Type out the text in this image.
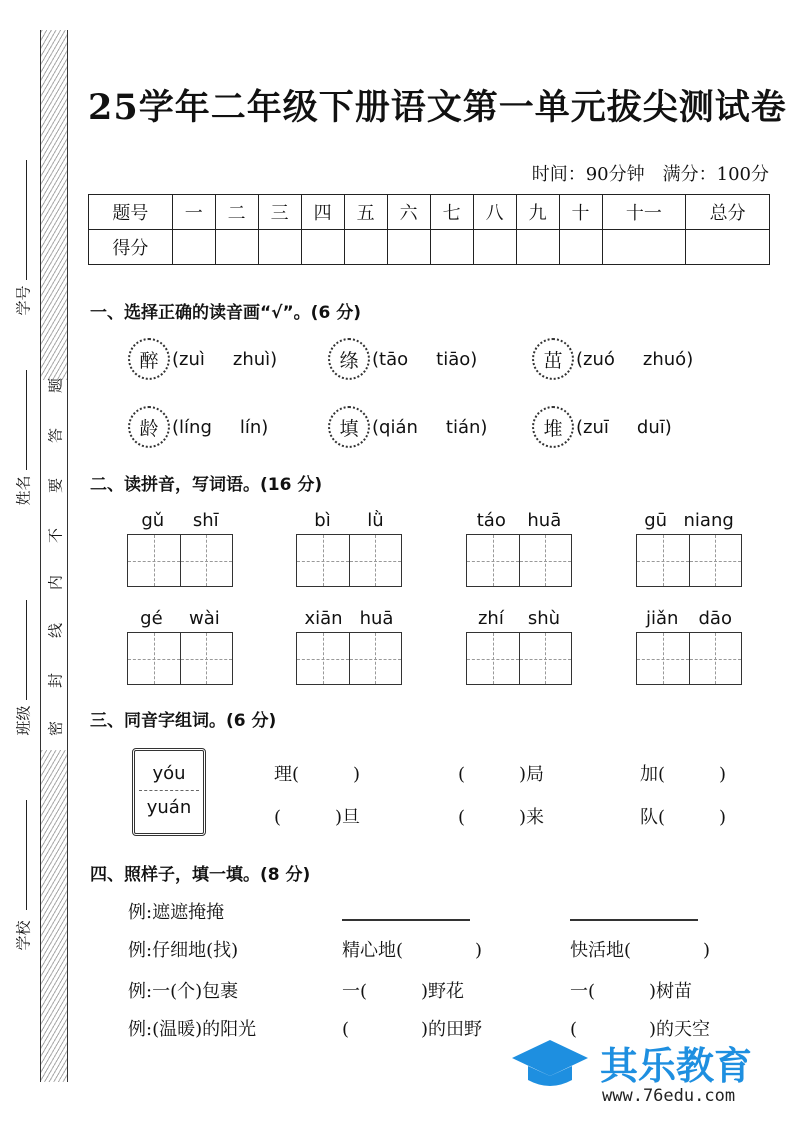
25学年二年级下册语文第一单元拔尖测试卷
时间：90分钟　满分：100分
题号	一	二	三	四	五	六	七	八	九	十	十一	总分
得分												
一、选择正确的读音画“√”。(6 分)
二、读拼音，写词语。(16 分)
三、同音字组词。(6 分)
yóu
yuán
四、照样子，填一填。(8 分)
其乐教育
www.76edu.com
题
答
要
不
内
线
封
密
学号
姓名
班级
学校
醉 ( zuì zhuì )	绦 ( tāo tiāo )	茁 ( zuó zhuó )
龄 ( líng lín )	填 ( qián tián )	堆 ( zuī duī )
gǔ shī	bì lǜ	táo huā	gū niang
gé wài	xiān huā	zhí shù	jiǎn dāo
理(　　　)	(　　　)局	加(　　　)
(　　　)旦	(　　　)来	队(　　　)
例:遮遮掩掩
例:仔细地(找)	精心地(　　　　)	快活地(　　　　)
例:一(个)包裹	一(　　　)野花	一(　　　)树苗
例:(温暖)的阳光	(　　　　)的田野	(　　　　)的天空
